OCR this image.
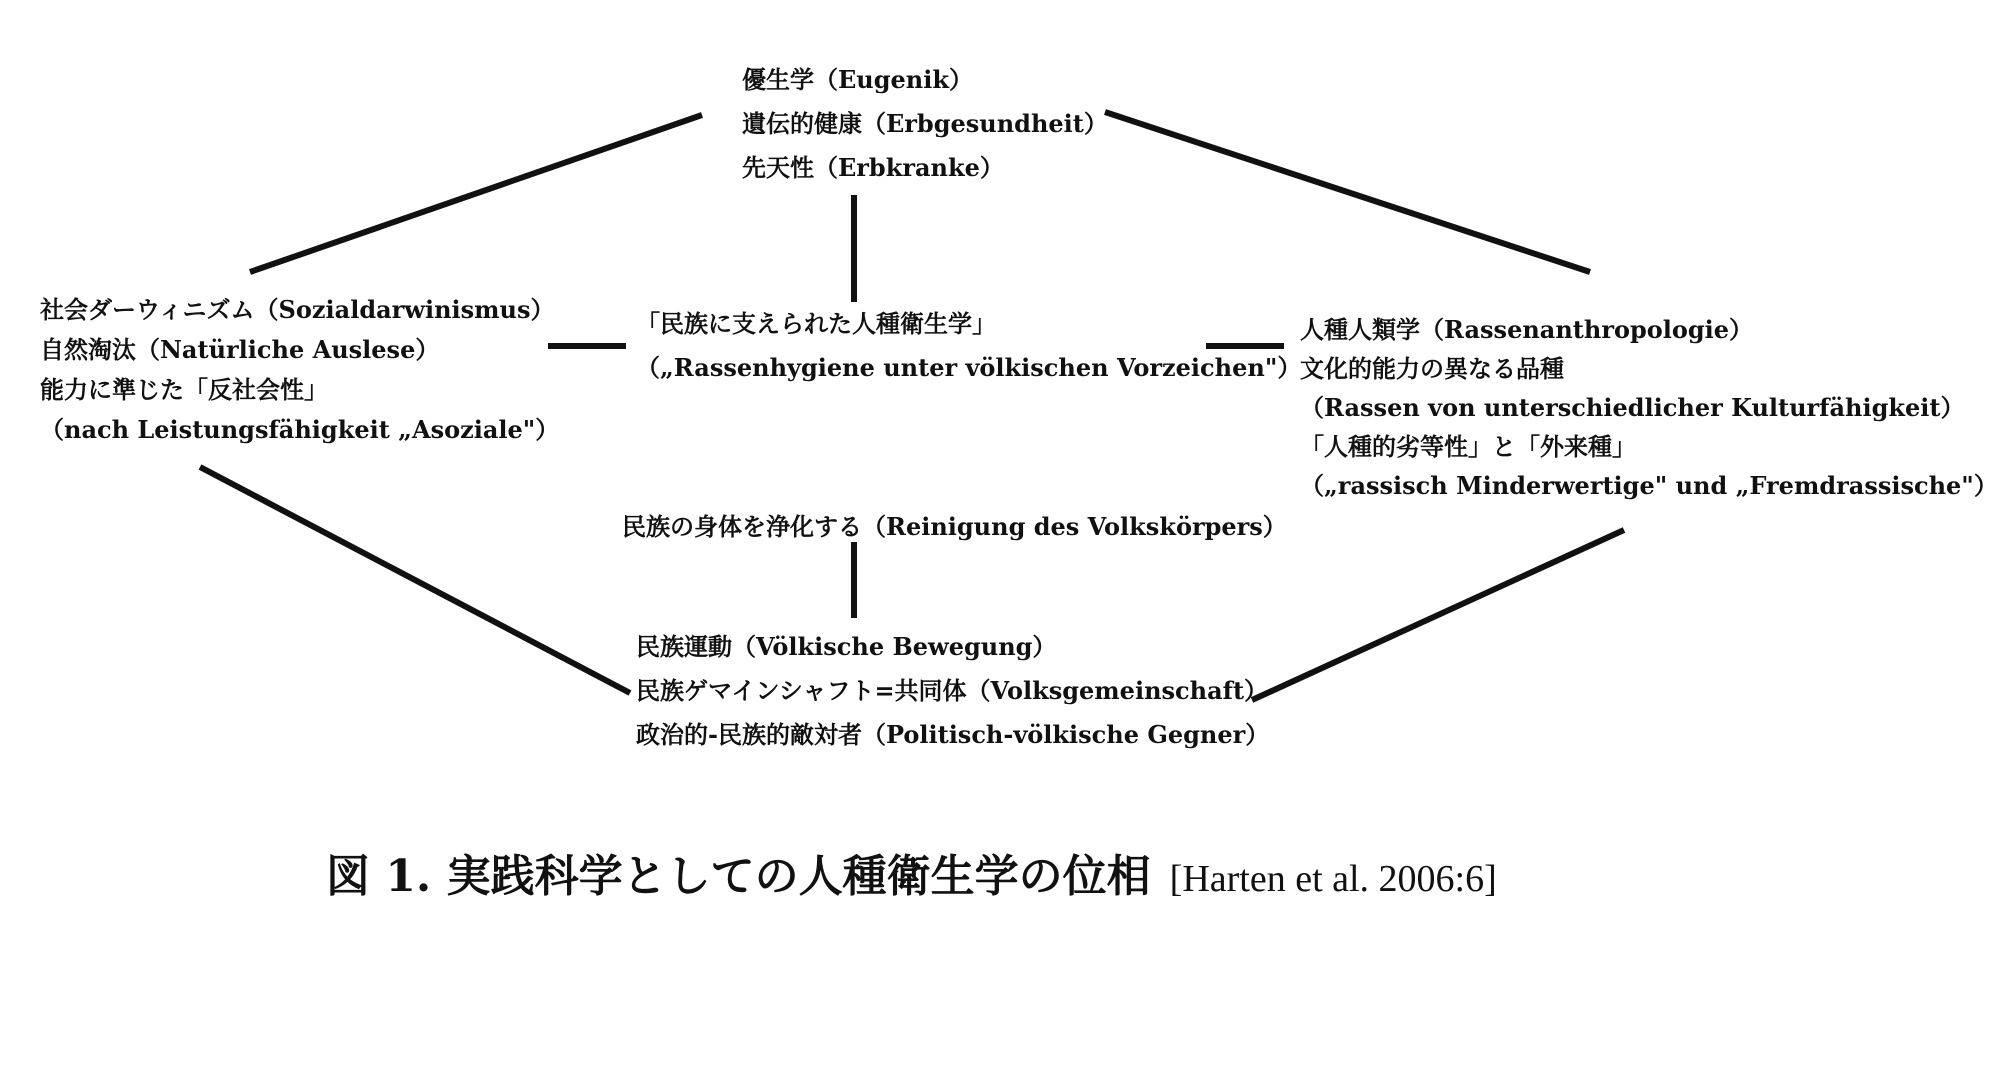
優生学（Eugenik）
遺伝的健康（Erbgesundheit）
先天性（Erbkranke）
社会ダーウィニズム（Sozialdarwinismus）
自然淘汰（Natürliche Auslese）
能力に準じた「反社会性」
（nach Leistungsfähigkeit „Asoziale"）
「民族に支えられた人種衛生学」
（„Rassenhygiene unter völkischen Vorzeichen"）
人種人類学（Rassenanthropologie）
文化的能力の異なる品種
（Rassen von unterschiedlicher Kulturfähigkeit）
「人種的劣等性」と「外来種」
（„rassisch Minderwertige" und „Fremdrassische"）
民族の身体を浄化する（Reinigung des Volkskörpers）
民族運動（Völkische Bewegung）
民族ゲマインシャフト=共同体（Volksgemeinschaft）
政治的-民族的敵対者（Politisch-völkische Gegner）
図 1. 実践科学としての人種衛生学の位相 [Harten et al. 2006:6]
